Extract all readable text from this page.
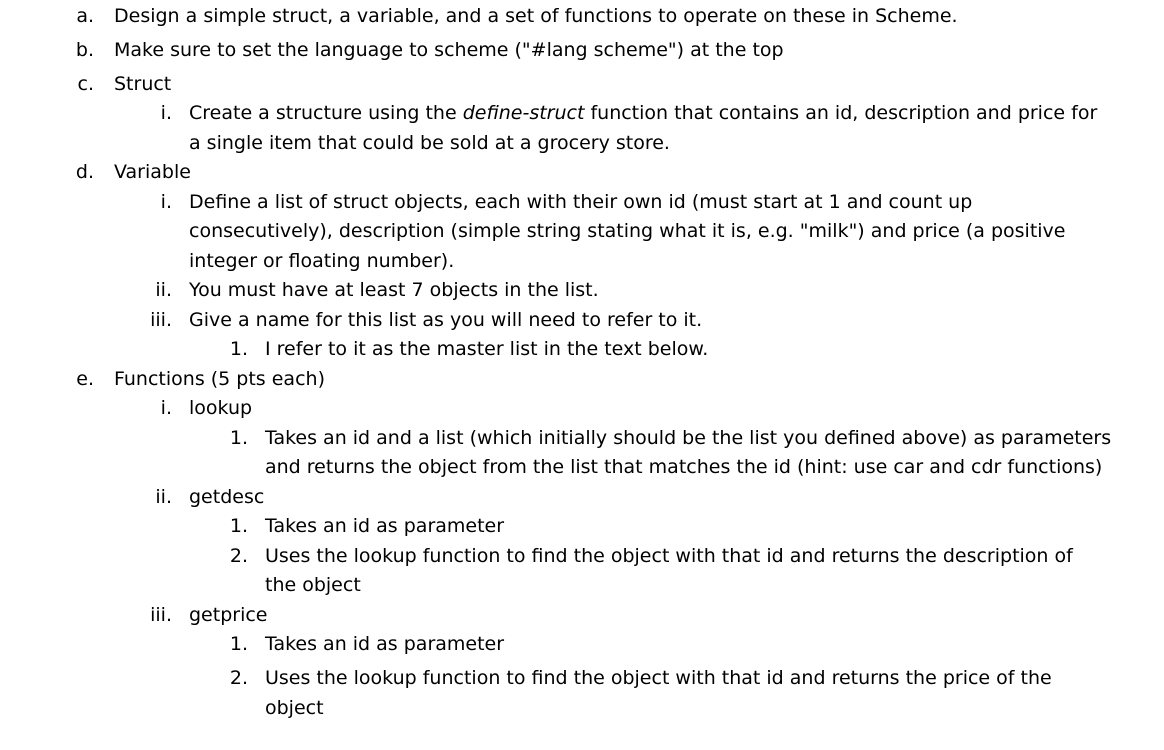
a. Design a simple struct, a variable, and a set of functions to operate on these in Scheme.
b. Make sure to set the language to scheme ("#lang scheme") at the top
c. Struct
i. Create a structure using the define-struct function that contains an id, description and price for
a single item that could be sold at a grocery store.
d. Variable
i. Define a list of struct objects, each with their own id (must start at 1 and count up
consecutively), description (simple string stating what it is, e.g. "milk") and price (a positive
integer or floating number).
ii. You must have at least 7 objects in the list.
iii. Give a name for this list as you will need to refer to it.
1. I refer to it as the master list in the text below.
e. Functions (5 pts each)
i. lookup
1. Takes an id and a list (which initially should be the list you defined above) as parameters
and returns the object from the list that matches the id (hint: use car and cdr functions)
ii. getdesc
1. Takes an id as parameter
2. Uses the lookup function to find the object with that id and returns the description of
the object
iii. getprice
1. Takes an id as parameter
2. Uses the lookup function to find the object with that id and returns the price of the
object
